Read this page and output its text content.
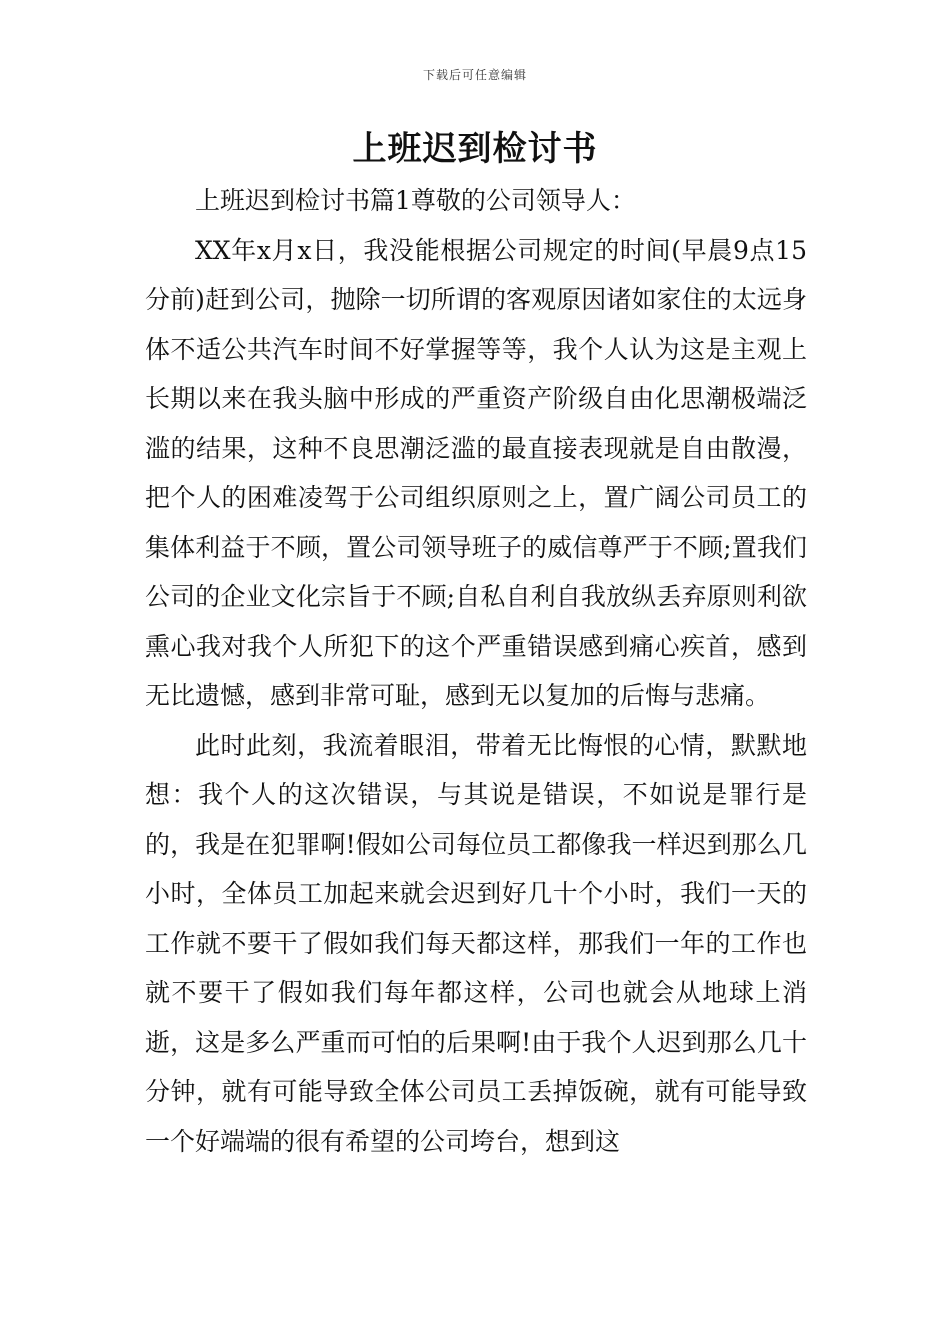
下载后可任意编辑
上班迟到检讨书

上班迟到检讨书篇1尊敬的公司领导人：

XX年x月x日，我没能根据公司规定的时间(早晨9点15分前)赶到公司，抛除一切所谓的客观原因诸如家住的太远身体不适公共汽车时间不好掌握等等，我个人认为这是主观上长期以来在我头脑中形成的严重资产阶级自由化思潮极端泛滥的结果，这种不良思潮泛滥的最直接表现就是自由散漫，把个人的困难凌驾于公司组织原则之上，置广阔公司员工的集体利益于不顾，置公司领导班子的威信尊严于不顾;置我们公司的企业文化宗旨于不顾;自私自利自我放纵丢弃原则利欲熏心我对我个人所犯下的这个严重错误感到痛心疾首，感到无比遗憾，感到非常可耻，感到无以复加的后悔与悲痛。

此时此刻，我流着眼泪，带着无比悔恨的心情，默默地想：我个人的这次错误，与其说是错误，不如说是罪行是的，我是在犯罪啊!假如公司每位员工都像我一样迟到那么几小时，全体员工加起来就会迟到好几十个小时，我们一天的工作就不要干了假如我们每天都这样，那我们一年的工作也就不要干了假如我们每年都这样，公司也就会从地球上消逝，这是多么严重而可怕的后果啊!由于我个人迟到那么几十分钟，就有可能导致全体公司员工丢掉饭碗，就有可能导致一个好端端的很有希望的公司垮台，想到这
